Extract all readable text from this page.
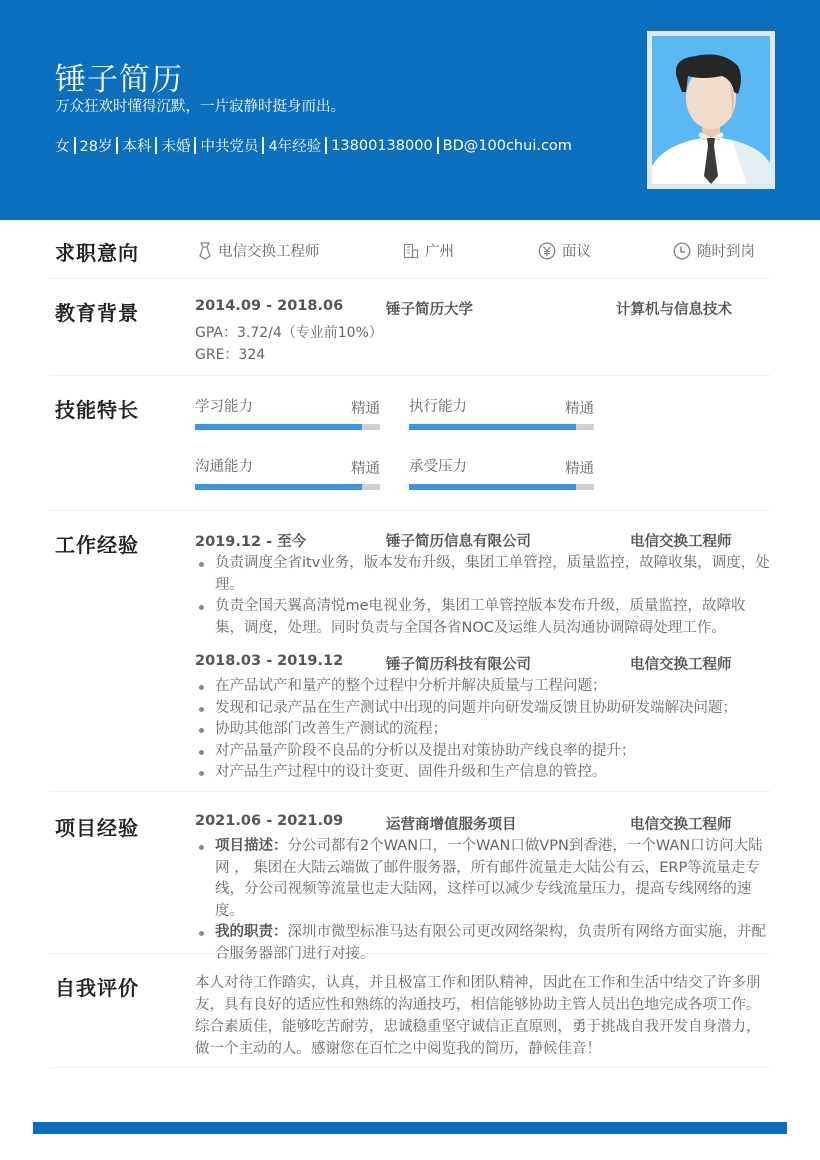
锤子简历
万众狂欢时懂得沉默，一片寂静时挺身而出。
女 28岁 本科 未婚 中共党员 4年经验 13800138000 BD@100chui.com
求职意向	电信交换工程师	广州	面议	随时到岗
教育背景	2014.09 - 2018.06	锤子简历大学	计算机与信息技术
GPA：3.72/4（专业前10%）
GRE：324
技能特长	学习能力	精通 执行能力	精通
沟通能力	精通 承受压力	精通
工作经验	2019.12 - 至今	锤子简历信息有限公司	电信交换工程师
负责调度全省itv业务，版本发布升级，集团工单管控，质量监控，故障收集，调度，处理。
负责全国天翼高清悦me电视业务，集团工单管控版本发布升级，质量监控，故障收集，调度，处理。同时负责与全国各省NOC及运维人员沟通协调障碍处理工作。
2018.03 - 2019.12	锤子简历科技有限公司	电信交换工程师
在产品试产和量产的整个过程中分析并解决质量与工程问题；
发现和记录产品在生产测试中出现的问题并向研发端反馈且协助研发端解决问题；
协助其他部门改善生产测试的流程；
对产品量产阶段不良品的分析以及提出对策协助产线良率的提升；
对产品生产过程中的设计变更、固件升级和生产信息的管控。
项目经验	2021.06 - 2021.09	运营商增值服务项目	电信交换工程师
项目描述：分公司都有2个WAN口，一个WAN口做VPN到香港，一个WAN口访问大陆网 ， 集团在大陆云端做了邮件服务器，所有邮件流量走大陆公有云，ERP等流量走专线，分公司视频等流量也走大陆网，这样可以减少专线流量压力，提高专线网络的速度。
我的职责：深圳市微型标准马达有限公司更改网络架构，负责所有网络方面实施，并配合服务器部门进行对接。
自我评价	本人对待工作踏实，认真，并且极富工作和团队精神，因此在工作和生活中结交了许多朋友，具有良好的适应性和熟练的沟通技巧，相信能够协助主管人员出色地完成各项工作。综合素质佳，能够吃苦耐劳，忠诚稳重坚守诚信正直原则，勇于挑战自我开发自身潜力，做一个主动的人。感谢您在百忙之中阅览我的简历，静候佳音！
